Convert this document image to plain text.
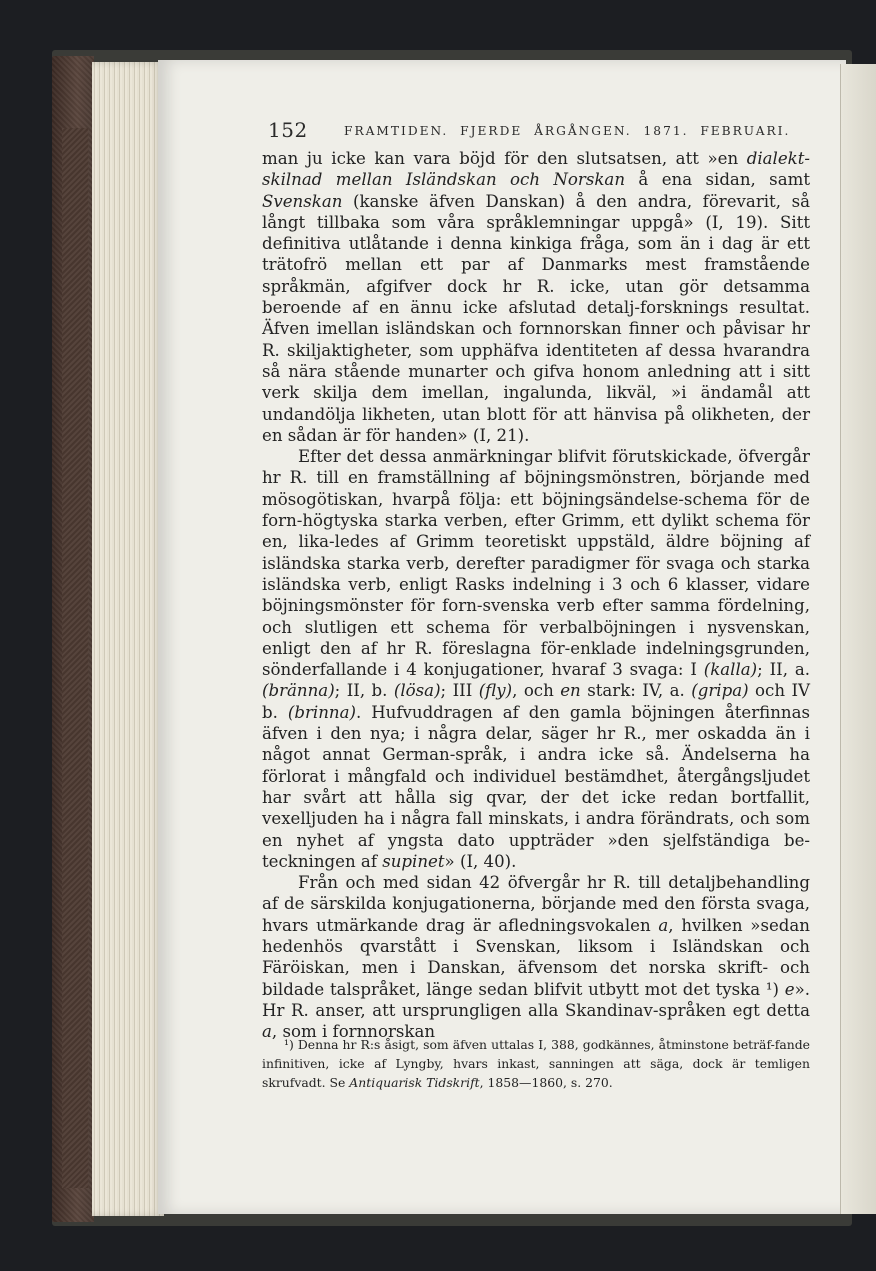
152	FRAMTIDEN. FJERDE ÅRGÅNGEN. 1871. FEBRUARI.

man ju icke kan vara böjd för den slutsatsen, att »en dialekt-skilnad mellan Isländskan och Norskan å ena sidan, samt Svenskan (kanske äfven Danskan) å den andra, förevarit, så långt tillbaka som våra språklemningar uppgå» (I, 19). Sitt definitiva utlåtande i denna kinkiga fråga, som än i dag är ett trätofrö mellan ett par af Danmarks mest framstående språkmän, afgifver dock hr R. icke, utan gör detsamma beroende af en ännu icke afslutad detalj-forsknings resultat. Äfven imellan isländskan och fornnorskan finner och påvisar hr R. skiljaktigheter, som upphäfva identiteten af dessa hvarandra så nära stående munarter och gifva honom anledning att i sitt verk skilja dem imellan, ingalunda, likväl, »i ändamål att undandölja likheten, utan blott för att hänvisa på olikheten, der en sådan är för handen» (I, 21).

Efter det dessa anmärkningar blifvit förutskickade, öfvergår hr R. till en framställning af böjningsmönstren, börjande med mösogötiskan, hvarpå följa: ett böjningsändelse-schema för de forn-högtyska starka verben, efter Grimm, ett dylikt schema för en, lika-ledes af Grimm teoretiskt uppstäld, äldre böjning af isländska starka verb, derefter paradigmer för svaga och starka isländska verb, enligt Rasks indelning i 3 och 6 klasser, vidare böjningsmönster för forn-svenska verb efter samma fördelning, och slutligen ett schema för verbalböjningen i nysvenskan, enligt den af hr R. föreslagna för-enklade indelningsgrunden, sönderfallande i 4 konjugationer, hvaraf 3 svaga: I (kalla); II, a. (bränna); II, b. (lösa); III (fly), och en stark: IV, a. (gripa) och IV b. (brinna). Hufvuddragen af den gamla böjningen återfinnas äfven i den nya; i några delar, säger hr R., mer oskadda än i något annat German-språk, i andra icke så. Ändelserna ha förlorat i mångfald och individuel bestämdhet, återgångsljudet har svårt att hålla sig qvar, der det icke redan bortfallit, vexelljuden ha i några fall minskats, i andra förändrats, och som en nyhet af yngsta dato uppträder »den sjelfständiga be-teckningen af supinet» (I, 40).

Från och med sidan 42 öfvergår hr R. till detaljbehandling af de särskilda konjugationerna, börjande med den första svaga, hvars utmärkande drag är afledningsvokalen a, hvilken »sedan hedenhös qvarstått i Svenskan, liksom i Isländskan och Färöiskan, men i Danskan, äfvensom det norska skrift- och bildade talspråket, länge sedan blifvit utbytt mot det tyska ¹) e». Hr R. anser, att ursprungligen alla Skandinav-språken egt detta a, som i fornnorskan

¹) Denna hr R:s åsigt, som äfven uttalas I, 388, godkännes, åtminstone beträf-fande infinitiven, icke af Lyngby, hvars inkast, sanningen att säga, dock är temligen skrufvadt. Se Antiquarisk Tidskrift, 1858—1860, s. 270.
